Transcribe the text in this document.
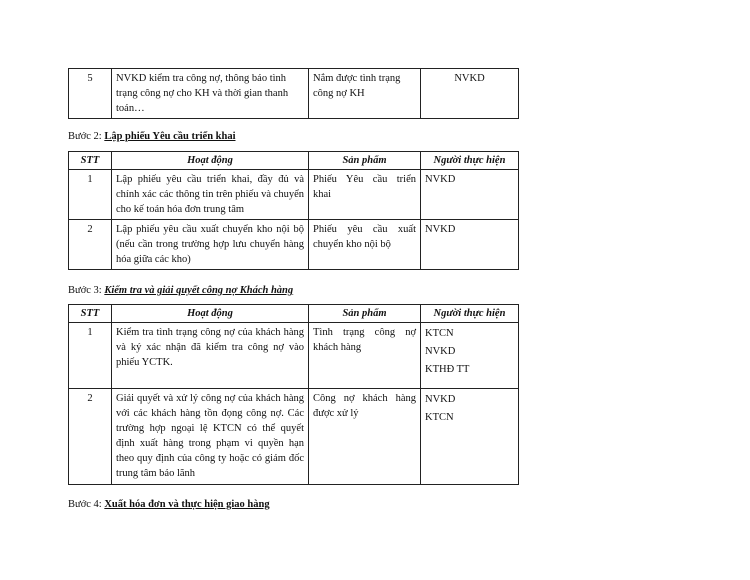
5	NVKD kiểm tra công nợ, thông báo tình trạng công nợ cho KH và thời gian thanh toán…	Nắm được tình trạng công nợ KH	NVKD
Bước 2: Lập phiếu Yêu cầu triển khai
STT	Hoạt động	Sản phẩm	Người thực hiện
1	Lập phiếu yêu cầu triển khai, đầy đủ và chính xác các thông tin trên phiếu và chuyển cho kế toán hóa đơn trung tâm	Phiếu Yêu cầu triển khai	NVKD
2	Lập phiếu yêu cầu xuất chuyển kho nội bộ (nếu cần trong trường hợp lưu chuyển hàng hóa giữa các kho)	Phiếu yêu cầu xuất chuyển kho nội bộ	NVKD
Bước 3: Kiểm tra và giải quyết công nợ Khách hàng
STT	Hoạt động	Sản phẩm	Người thực hiện
1	Kiểm tra tình trạng công nợ của khách hàng và ký xác nhận đã kiểm tra công nợ vào phiếu YCTK.	Tình trạng công nợ khách hàng	KTCN
NVKD
KTHĐ TT

2	Giải quyết và xử lý công nợ của khách hàng với các khách hàng tồn đọng công nợ. Các trường hợp ngoại lệ KTCN có thể quyết định xuất hàng trong phạm vi quyền hạn theo quy định của công ty hoặc có giám đốc trung tâm bảo lãnh	Công nợ khách hàng được xử lý	NVKD
KTCN
Bước 4: Xuất hóa đơn và thực hiện giao hàng
